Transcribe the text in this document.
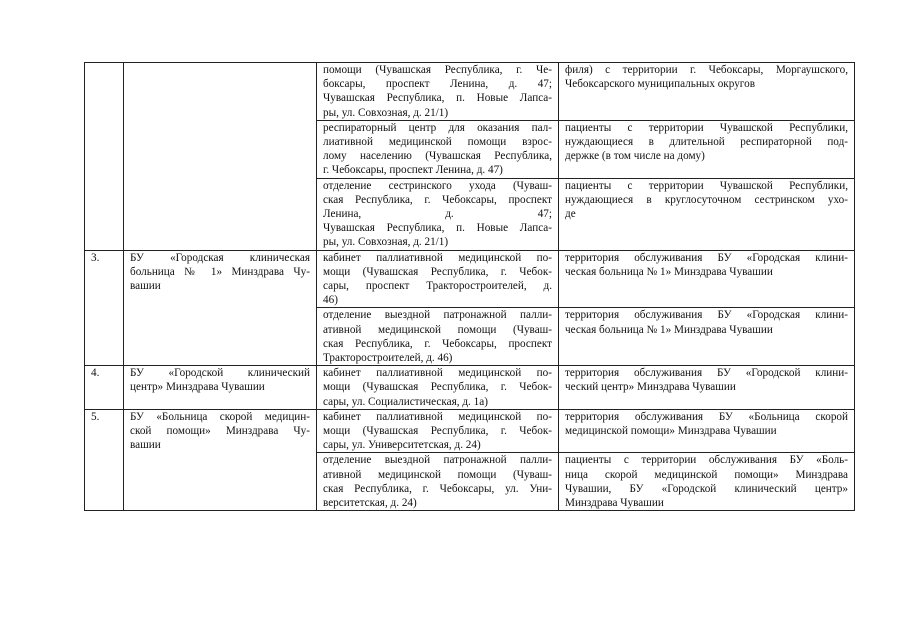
		помощи (Чувашская Республика, г. Че-
боксары, проспект Ленина, д. 47;
Чувашская Республика, п. Новые Лапса-
ры, ул. Совхозная, д. 21/1)	филя) с территории г. Чебоксары, Моргаушского,
Чебоксарского муниципальных округов

		респираторный центр для оказания пал-
лиативной медицинской помощи взрос-
лому населению (Чувашская Республика,
г. Чебоксары, проспект Ленина, д. 47)	пациенты с территории Чувашской Республики,
нуждающиеся в длительной респираторной под-
держке (в том числе на дому)

		отделение сестринского ухода (Чуваш-
ская Республика, г. Чебоксары, проспект
Ленина, д. 47;
Чувашская Республика, п. Новые Лапса-
ры, ул. Совхозная, д. 21/1)	пациенты с территории Чувашской Республики,
нуждающиеся в круглосуточном сестринском ухо-
де

3.	БУ «Городская клиническая
больница № 1» Минздрава Чу-
вашии	кабинет паллиативной медицинской по-
мощи (Чувашская Республика, г. Чебок-
сары, проспект Тракторостроителей, д.
46)	территория обслуживания БУ «Городская клини-
ческая больница № 1» Минздрава Чувашии

		отделение выездной патронажной палли-
ативной медицинской помощи (Чуваш-
ская Республика, г. Чебоксары, проспект
Тракторостроителей, д. 46)	территория обслуживания БУ «Городская клини-
ческая больница № 1» Минздрава Чувашии

4.	БУ «Городской клинический
центр» Минздрава Чувашии	кабинет паллиативной медицинской по-
мощи (Чувашская Республика, г. Чебок-
сары, ул. Социалистическая, д. 1а)	территория обслуживания БУ «Городской клини-
ческий центр» Минздрава Чувашии

5.	БУ «Больница скорой медицин-
ской помощи» Минздрава Чу-
вашии	кабинет паллиативной медицинской по-
мощи (Чувашская Республика, г. Чебок-
сары, ул. Университетская, д. 24)	территория обслуживания БУ «Больница скорой
медицинской помощи» Минздрава Чувашии

		отделение выездной патронажной палли-
ативной медицинской помощи (Чуваш-
ская Республика, г. Чебоксары, ул. Уни-
верситетская, д. 24)	пациенты с территории обслуживания БУ «Боль-
ница скорой медицинской помощи» Минздрава
Чувашии, БУ «Городской клинический центр»
Минздрава Чувашии
